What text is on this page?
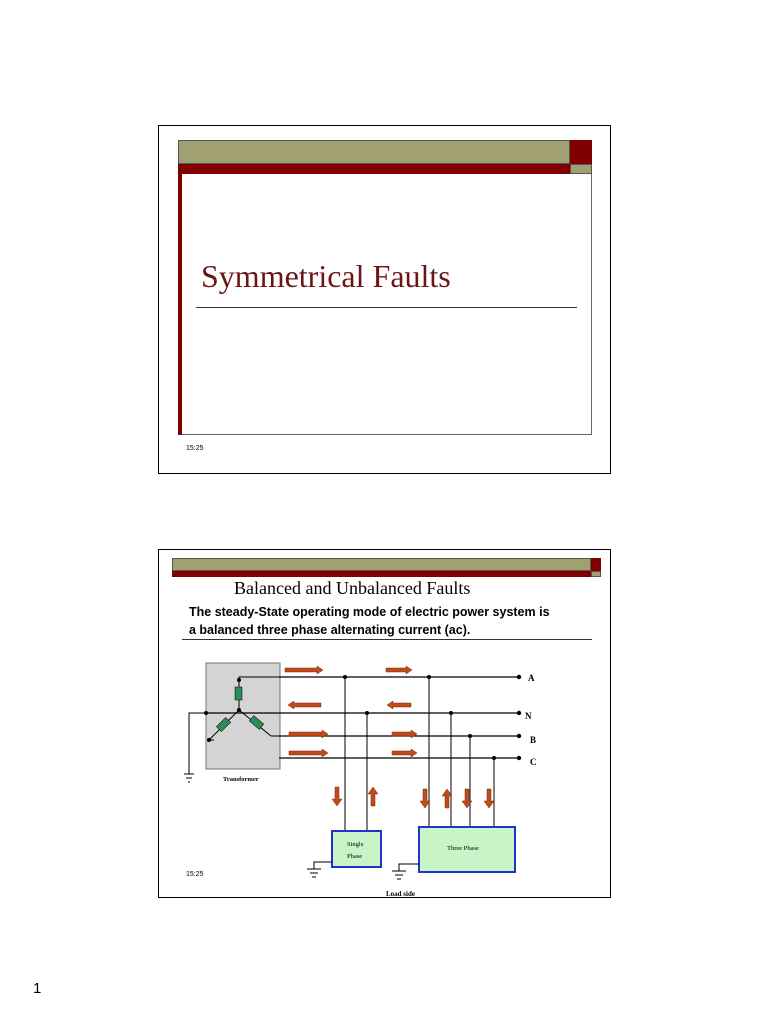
Symmetrical Faults
15:25
Balanced and Unbalanced Faults
The steady-State operating mode of electric power system is
a balanced three phase alternating current (ac).
A
N
B
C
Transformer
Single
Phase
Three Phase
Load side
15:25
1
